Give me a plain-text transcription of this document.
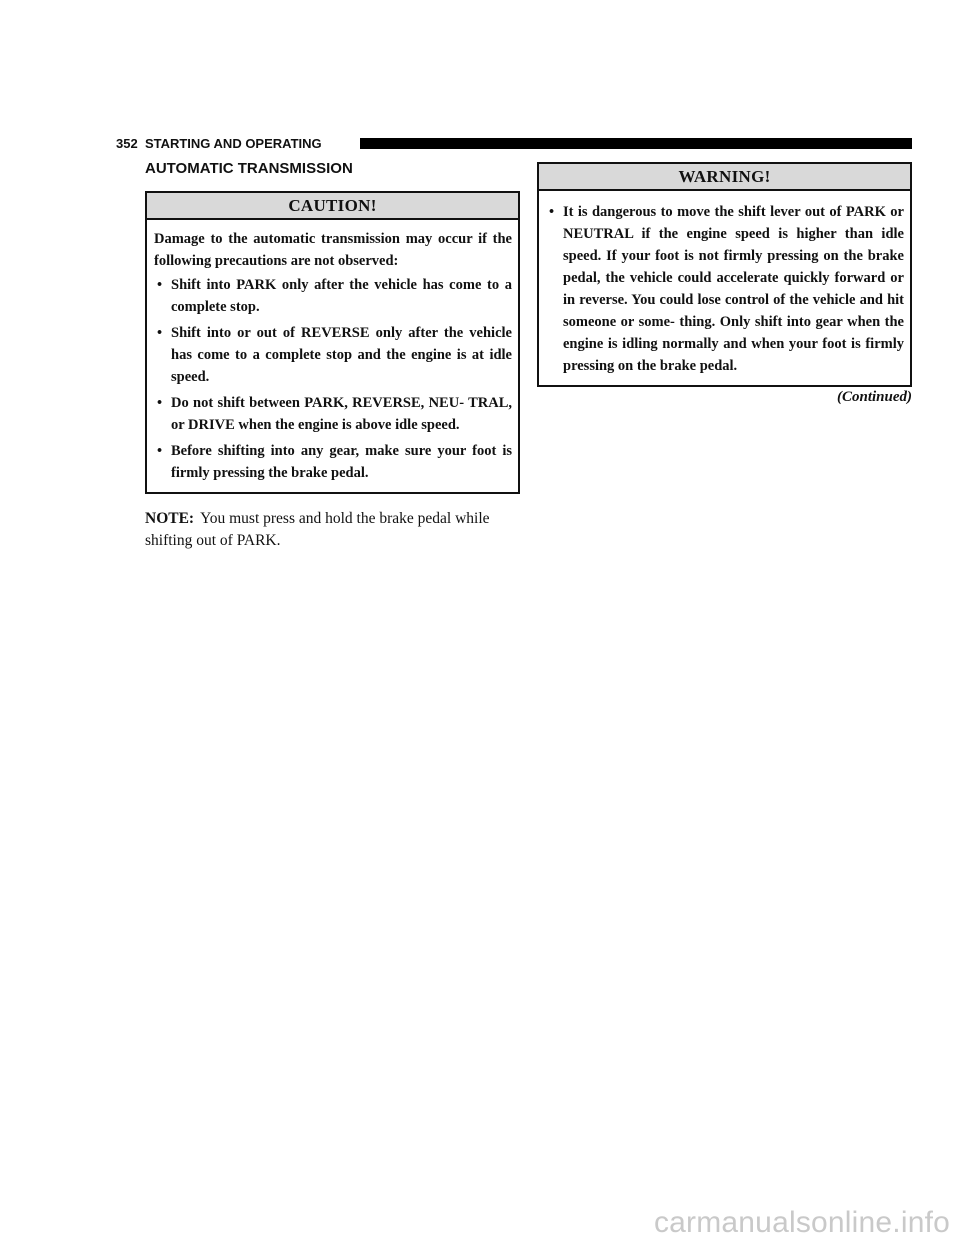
352 STARTING AND OPERATING
AUTOMATIC TRANSMISSION
CAUTION!

Damage to the automatic transmission may occur if the following precautions are not observed:

• Shift into PARK only after the vehicle has come to a complete stop.
• Shift into or out of REVERSE only after the vehicle has come to a complete stop and the engine is at idle speed.
• Do not shift between PARK, REVERSE, NEU- TRAL, or DRIVE when the engine is above idle speed.
• Before shifting into any gear, make sure your foot is firmly pressing the brake pedal.

NOTE: You must press and hold the brake pedal while shifting out of PARK.

WARNING!
• It is dangerous to move the shift lever out of PARK or NEUTRAL if the engine speed is higher than idle speed. If your foot is not firmly pressing on the brake pedal, the vehicle could accelerate quickly forward or in reverse. You could lose control of the vehicle and hit someone or some- thing. Only shift into gear when the engine is idling normally and when your foot is firmly pressing on the brake pedal.
(Continued)
carmanualsonline.info
